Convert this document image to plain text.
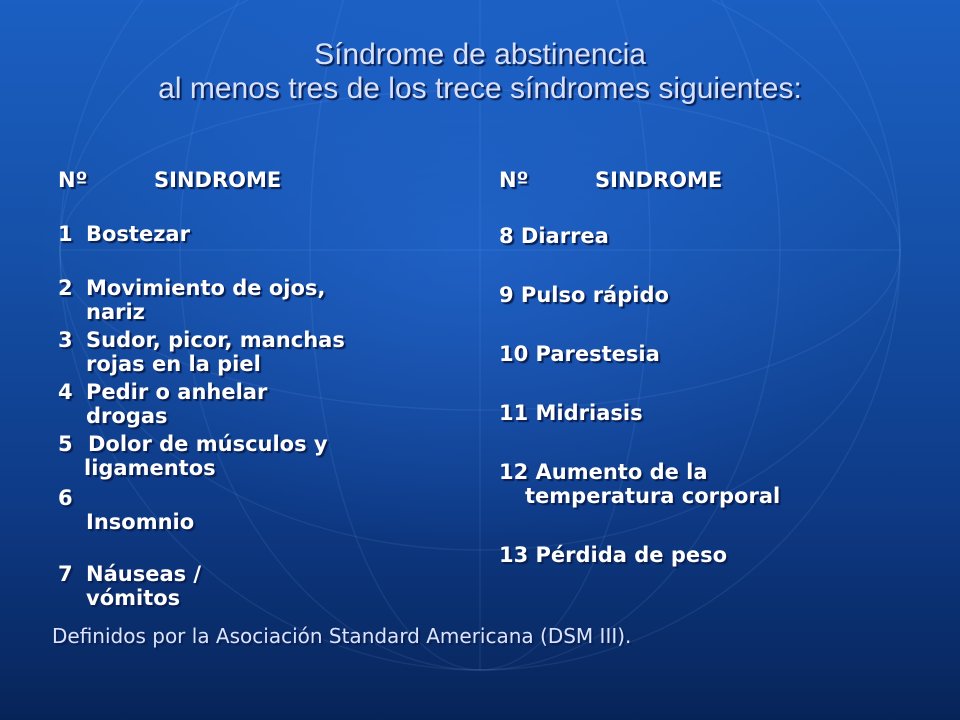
Síndrome de abstinencia
al menos tres de los trece síndromes siguientes:
Nº	SINDROME
1 Bostezar
2 Movimiento de ojos, nariz
3 Sudor, picor, manchas rojas en la piel
4 Pedir o anhelar drogas
5 Dolor de músculos y ligamentos
6
Insomnio
7 Náuseas / vómitos
Nº	SINDROME
8 Diarrea
9 Pulso rápido
10 Parestesia
11 Midriasis
12 Aumento de la
temperatura corporal
13 Pérdida de peso
Definidos por la Asociación Standard Americana (DSM III).
